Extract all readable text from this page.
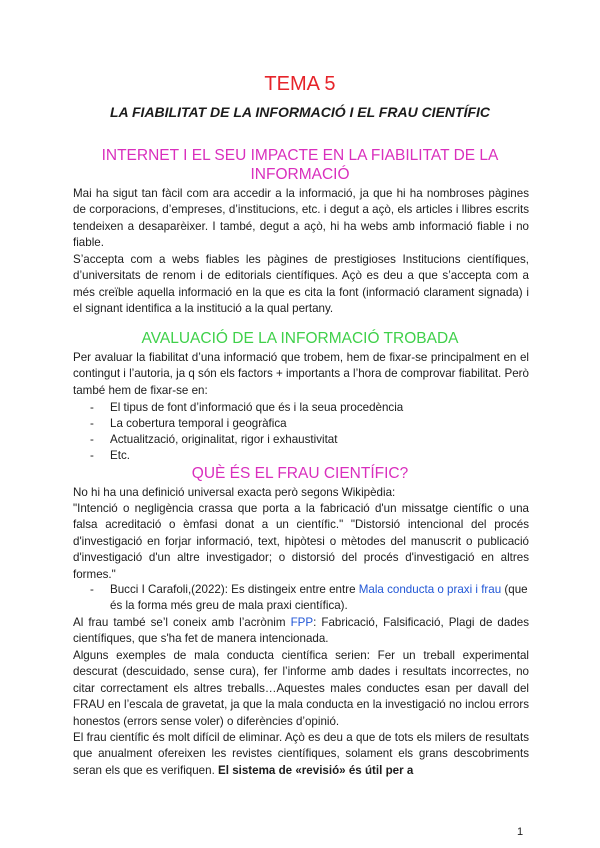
TEMA 5
LA FIABILITAT DE LA INFORMACIÓ I EL FRAU CIENTÍFIC
INTERNET I EL SEU IMPACTE EN LA FIABILITAT DE LA INFORMACIÓ

Mai ha sigut tan fàcil com ara accedir a la informació, ja que hi ha nombroses pàgines de corporacions, d’empreses, d’institucions, etc. i degut a açò, els articles i llibres escrits tendeixen a desaparèixer. I també, degut a açò, hi ha webs amb informació fiable i no fiable.

S’accepta com a webs fiables les pàgines de prestigioses Institucions científiques, d’universitats de renom i de editorials científiques. Açò es deu a que s’accepta com a més creïble aquella informació en la que es cita la font (informació clarament signada) i el signant identifica a la institució a la qual pertany.

AVALUACIÓ DE LA INFORMACIÓ TROBADA

Per avaluar la fiabilitat d’una informació que trobem, hem de fixar-se principalment en el contingut i l’autoria, ja q són els factors + importants a l’hora de comprovar fiabilitat. Però també hem de fixar-se en:

- El tipus de font d’informació que és i la seua procedència

- La cobertura temporal i geogràfica

- Actualització, originalitat, rigor i exhaustivitat

- Etc.

QUÈ ÉS EL FRAU CIENTÍFIC?

No hi ha una definició universal exacta però segons Wikipèdia:

"Intenció o negligència crassa que porta a la fabricació d'un missatge científic o una falsa acreditació o èmfasi donat a un científic." "Distorsió intencional del procés d'investigació en forjar informació, text, hipòtesi o mètodes del manuscrit o publicació d'investigació d'un altre investigador; o distorsió del procés d'investigació en altres formes."

- Bucci I Carafoli,(2022): Es distingeix entre entre Mala conducta o praxi i frau (que és la forma més greu de mala praxi científica).

Al frau també se’l coneix amb l’acrònim FPP: Fabricació, Falsificació, Plagi de dades científiques, que s'ha fet de manera intencionada.

Alguns exemples de mala conducta científica serien: Fer un treball experimental descurat (descuidado, sense cura), fer l’informe amb dades i resultats incorrectes, no citar correctament els altres treballs…Aquestes males conductes esan per davall del FRAU en l’escala de gravetat, ja que la mala conducta en la investigació no inclou errors honestos (errors sense voler) o diferències d’opinió.

El frau científic és molt difícil de eliminar. Açò es deu a que de tots els milers de resultats que anualment ofereixen les revistes científiques, solament els grans descobriments seran els que es verifiquen. El sistema de «revisió» és útil per a

1
